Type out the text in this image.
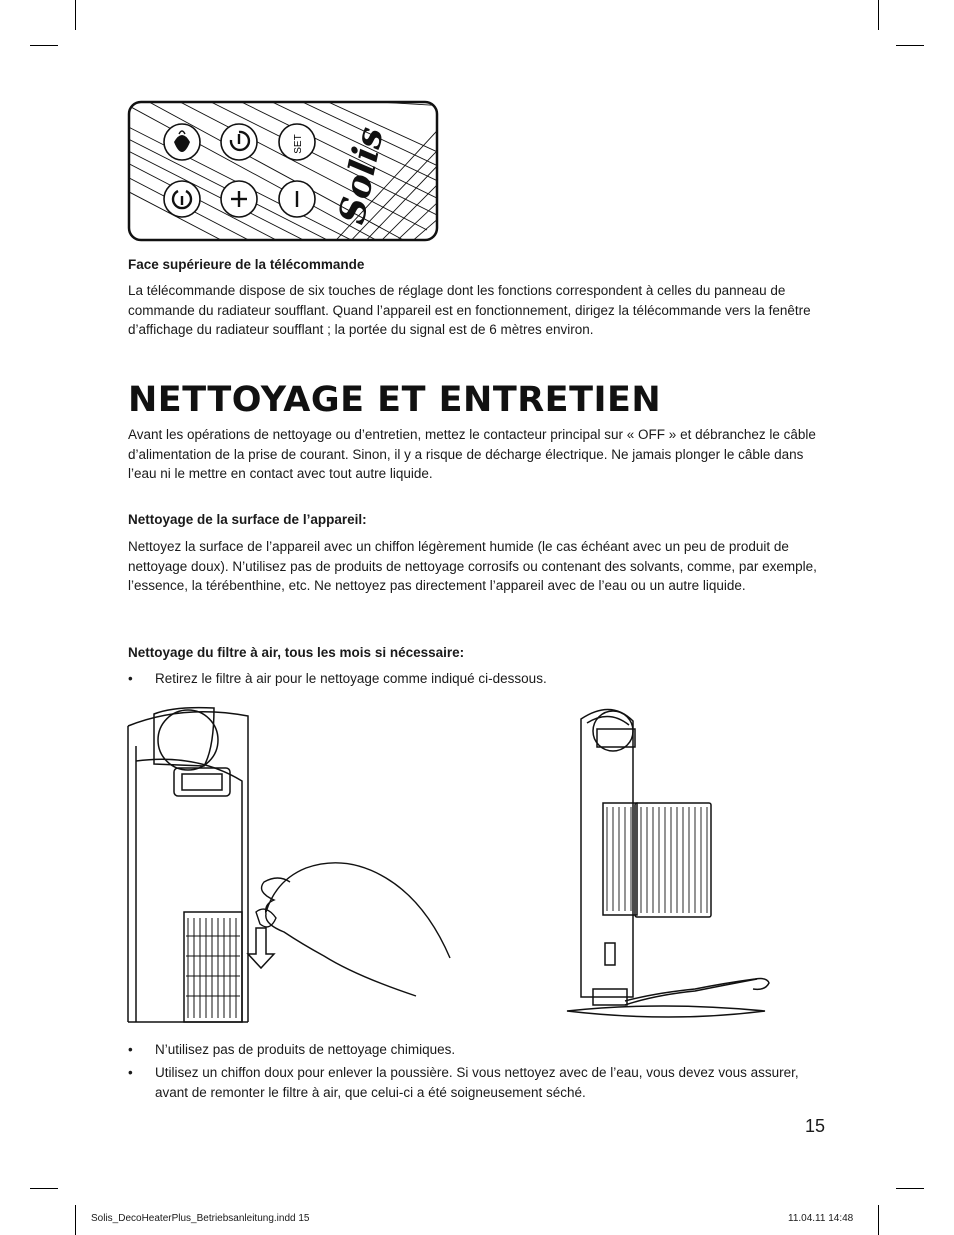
SET Solis
Face supérieure de la télécommande

La télécommande dispose de six touches de réglage dont les fonctions correspondent à celles du panneau de commande du radiateur soufflant. Quand l’appareil est en fonctionnement, dirigez la télécommande vers la fenêtre d’affichage du radiateur soufflant ; la portée du signal est de 6 mètres environ.

NETTOYAGE ET ENTRETIEN

Avant les opérations de nettoyage ou d’entretien, mettez le contacteur principal sur « OFF » et débranchez le câble d’alimentation de la prise de courant. Sinon, il y a risque de décharge électrique. Ne jamais plonger le câble dans l’eau ni le mettre en contact avec tout autre liquide.

Nettoyage de la surface de l’appareil:

Nettoyez la surface de l’appareil avec un chiffon légèrement humide (le cas échéant avec un peu de produit de nettoyage doux). N’utilisez pas de produits de nettoyage corrosifs ou contenant des solvants, comme, par exemple, l’essence, la térébenthine, etc. Ne nettoyez pas directement l’appareil avec de l’eau ou un autre liquide.

Nettoyage du filtre à air, tous les mois si nécessaire:
• Retirez le filtre à air pour le nettoyage comme indiqué ci-dessous.
• N’utilisez pas de produits de nettoyage chimiques.
• Utilisez un chiffon doux pour enlever la poussière. Si vous nettoyez avec de l’eau, vous devez vous assurer, avant de remonter le filtre à air, que celui-ci a été soigneusement séché.
15
Solis_DecoHeaterPlus_Betriebsanleitung.indd 15	11.04.11 14:48
